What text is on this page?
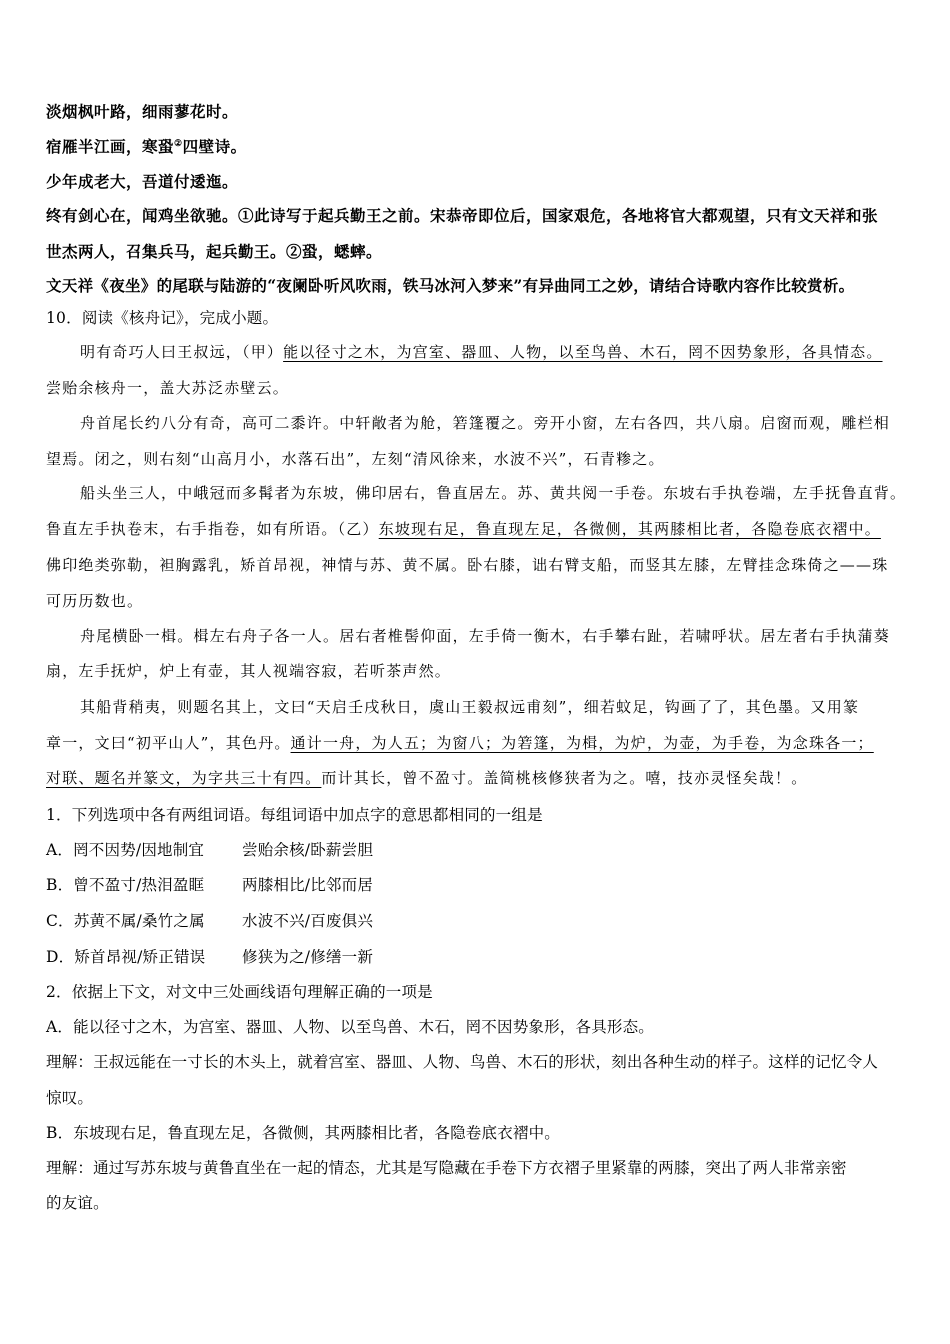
淡烟枫叶路，细雨蓼花时。
宿雁半江画，寒蛩②四壁诗。
少年成老大，吾道付逶迤。
终有剑心在，闻鸡坐欲驰。①此诗写于起兵勤王之前。宋恭帝即位后，国家艰危，各地将官大都观望，只有文天祥和张
世杰两人，召集兵马，起兵勤王。②蛩，蟋蟀。
文天祥《夜坐》的尾联与陆游的“夜阑卧听风吹雨，铁马冰河入梦来”有异曲同工之妙，请结合诗歌内容作比较赏析。
10．阅读《核舟记》，完成小题。
明有奇巧人曰王叔远，（甲）能以径寸之木，为宫室、器皿、人物，以至鸟兽、木石，罔不因势象形，各具情态。
尝贻余核舟一，盖大苏泛赤壁云。
舟首尾长约八分有奇，高可二黍许。中轩敞者为舱，箬篷覆之。旁开小窗，左右各四，共八扇。启窗而观，雕栏相
望焉。闭之，则右刻“山高月小，水落石出”，左刻“清风徐来，水波不兴”，石青糁之。
船头坐三人，中峨冠而多髯者为东坡，佛印居右，鲁直居左。苏、黄共阅一手卷。东坡右手执卷端，左手抚鲁直背。
鲁直左手执卷末，右手指卷，如有所语。（乙）东坡现右足，鲁直现左足，各微侧，其两膝相比者，各隐卷底衣褶中。
佛印绝类弥勒，袒胸露乳，矫首昂视，神情与苏、黄不属。卧右膝，诎右臂支船，而竖其左膝，左臂挂念珠倚之——珠
可历历数也。
舟尾横卧一楫。楫左右舟子各一人。居右者椎髻仰面，左手倚一衡木，右手攀右趾，若啸呼状。居左者右手执蒲葵
扇，左手抚炉，炉上有壶，其人视端容寂，若听茶声然。
其船背稍夷，则题名其上，文曰“天启壬戌秋日，虞山王毅叔远甫刻”，细若蚊足，钩画了了，其色墨。又用篆
章一，文曰“初平山人”，其色丹。通计一舟，为人五；为窗八；为箬篷，为楫，为炉，为壶，为手卷，为念珠各一；
对联、题名并篆文，为字共三十有四。而计其长，曾不盈寸。盖简桃核修狭者为之。嘻，技亦灵怪矣哉！。
1．下列选项中各有两组词语。每组词语中加点字的意思都相同的一组是
A．罔不因势/因地制宜 尝贻余核/卧薪尝胆
B．曾不盈寸/热泪盈眶 两膝相比/比邻而居
C．苏黄不属/桑竹之属 水波不兴/百废俱兴
D．矫首昂视/矫正错误 修狭为之/修缮一新
2．依据上下文，对文中三处画线语句理解正确的一项是
A．能以径寸之木，为宫室、器皿、人物、以至鸟兽、木石，罔不因势象形，各具形态。
理解：王叔远能在一寸长的木头上，就着宫室、器皿、人物、鸟兽、木石的形状，刻出各种生动的样子。这样的记忆令人
惊叹。
B．东坡现右足，鲁直现左足，各微侧，其两膝相比者，各隐卷底衣褶中。
理解：通过写苏东坡与黄鲁直坐在一起的情态，尤其是写隐藏在手卷下方衣褶子里紧靠的两膝，突出了两人非常亲密
的友谊。
